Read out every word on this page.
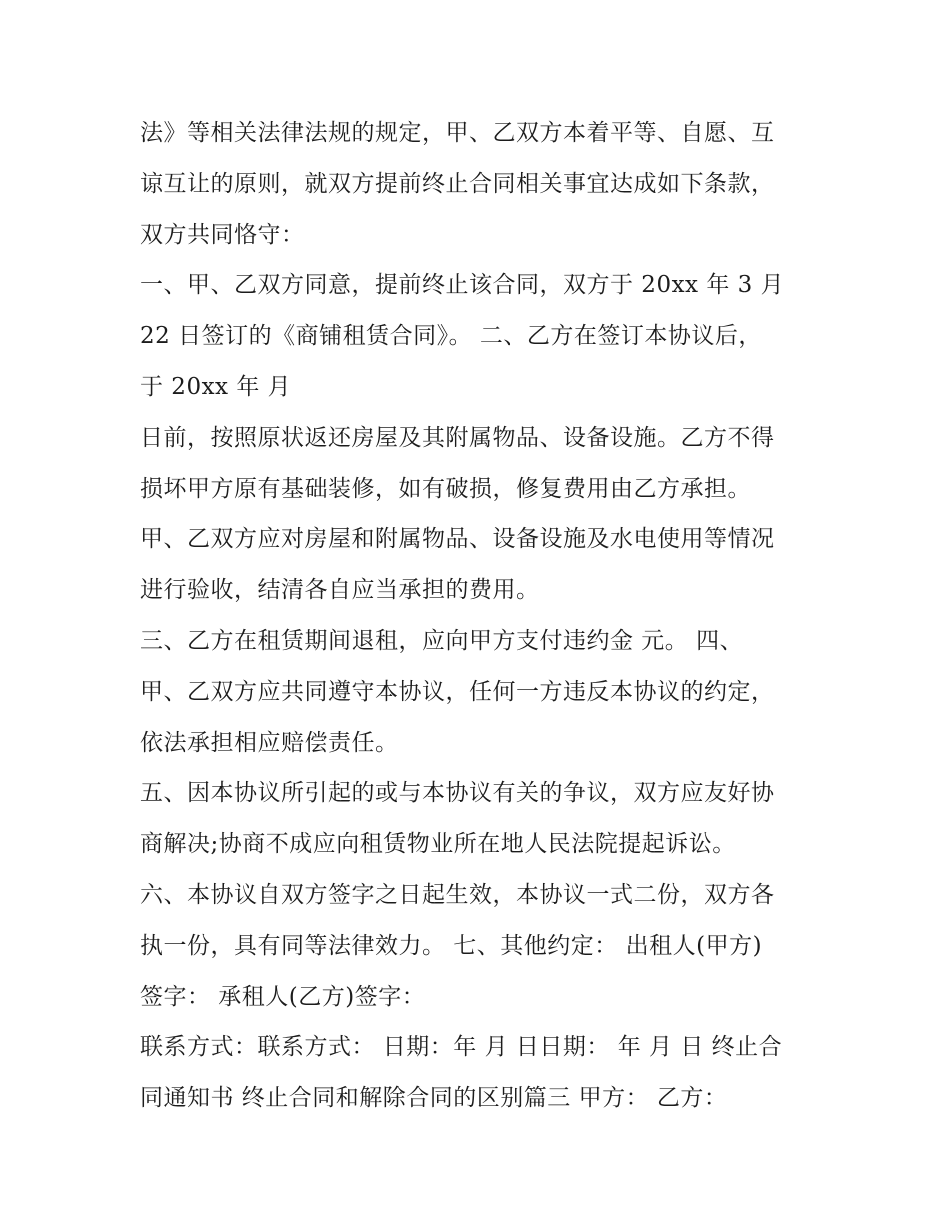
法》等相关法律法规的规定，甲、乙双方本着平等、自愿、互
谅互让的原则，就双方提前终止合同相关事宜达成如下条款，
双方共同恪守：
一、甲、乙双方同意，提前终止该合同，双方于 20xx 年 3 月
22 日签订的《商铺租赁合同》。 二、乙方在签订本协议后，
于 20xx 年 月
日前，按照原状返还房屋及其附属物品、设备设施。乙方不得
损坏甲方原有基础装修，如有破损，修复费用由乙方承担。
甲、乙双方应对房屋和附属物品、设备设施及水电使用等情况
进行验收，结清各自应当承担的费用。
三、乙方在租赁期间退租，应向甲方支付违约金 元。 四、
甲、乙双方应共同遵守本协议，任何一方违反本协议的约定，
依法承担相应赔偿责任。
五、因本协议所引起的或与本协议有关的争议，双方应友好协
商解决;协商不成应向租赁物业所在地人民法院提起诉讼。
六、本协议自双方签字之日起生效，本协议一式二份，双方各
执一份，具有同等法律效力。 七、其他约定： 出租人(甲方)
签字： 承租人(乙方)签字：
联系方式：联系方式： 日期：年 月 日日期： 年 月 日 终止合
同通知书 终止合同和解除合同的区别篇三 甲方： 乙方：
